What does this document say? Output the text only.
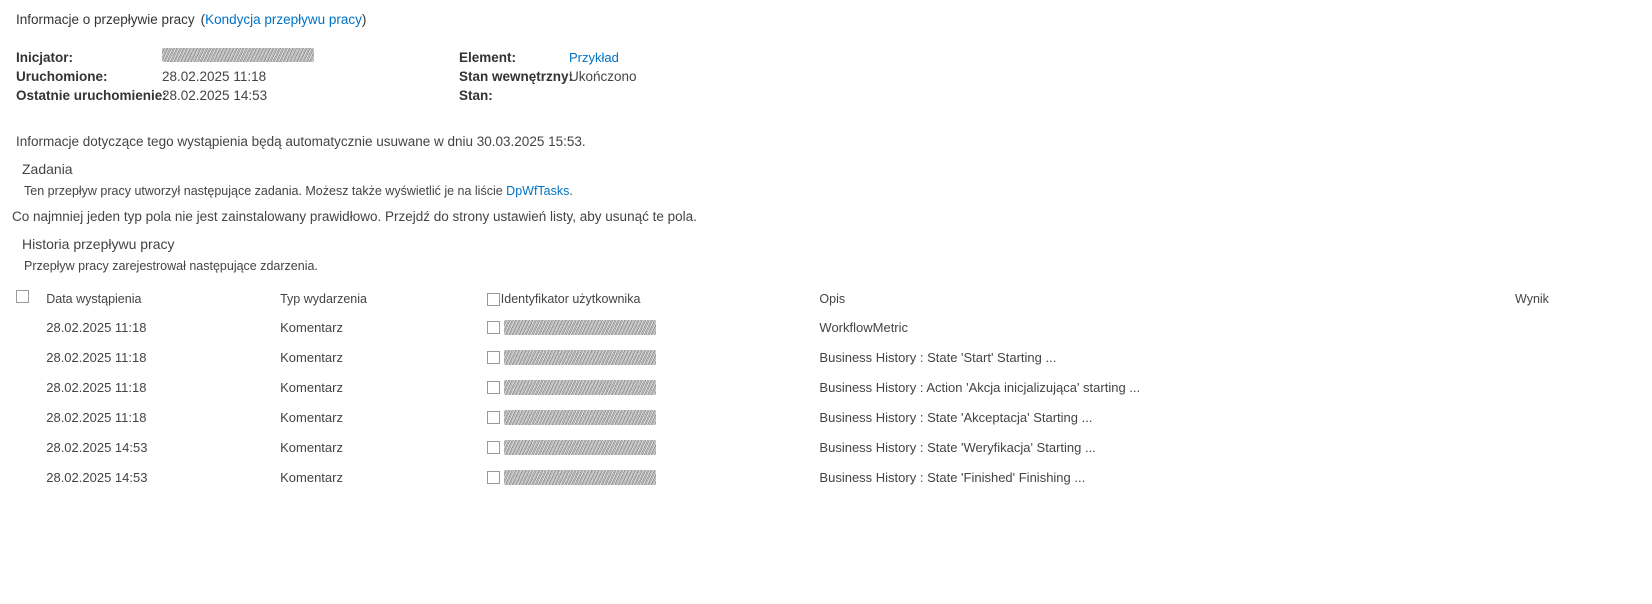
Informacje o przepływie pracy (Kondycja przepływu pracy)
Inicjator:
Uruchomione:	28.02.2025 11:18
Ostatnie uruchomienie:
28.02.2025 14:53
Element:	Przykład
Stan wewnętrzny:
Ukończono
Stan:
Informacje dotyczące tego wystąpienia będą automatycznie usuwane w dniu 30.03.2025 15:53.
Zadania
Ten przepływ pracy utworzył następujące zadania. Możesz także wyświetlić je na liście DpWfTasks.
Co najmniej jeden typ pola nie jest zainstalowany prawidłowo. Przejdź do strony ustawień listy, aby usunąć te pola.
Historia przepływu pracy
Przepływ pracy zarejestrował następujące zdarzenia.
	Data wystąpienia	Typ wydarzenia	Identyfikator użytkownika	Opis	Wynik
	28.02.2025 11:18	Komentarz		WorkflowMetric	
	28.02.2025 11:18	Komentarz		Business History : State 'Start' Starting ...	
	28.02.2025 11:18	Komentarz		Business History : Action 'Akcja inicjalizująca' starting ...	
	28.02.2025 11:18	Komentarz		Business History : State 'Akceptacja' Starting ...	
	28.02.2025 14:53	Komentarz		Business History : State 'Weryfikacja' Starting ...	
	28.02.2025 14:53	Komentarz		Business History : State 'Finished' Finishing ...	
